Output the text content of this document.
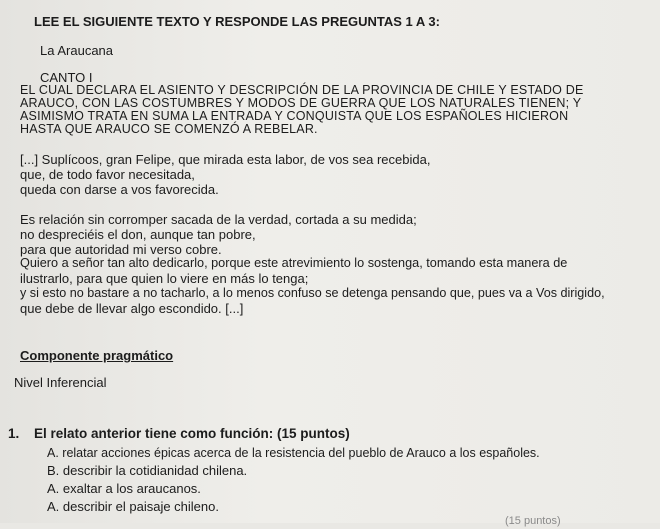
LEE EL SIGUIENTE TEXTO Y RESPONDE LAS PREGUNTAS 1 A 3:
La Araucana
CANTO I
EL CUAL DECLARA EL ASIENTO Y DESCRIPCIÓN DE LA PROVINCIA DE CHILE Y ESTADO DE
ARAUCO, CON LAS COSTUMBRES Y MODOS DE GUERRA QUE LOS NATURALES TIENEN; Y
ASIMISMO TRATA EN SUMA LA ENTRADA Y CONQUISTA QUE LOS ESPAÑOLES HICIERON
HASTA QUE ARAUCO SE COMENZÓ A REBELAR.
[...] Suplícoos, gran Felipe, que mirada esta labor, de vos sea recebida,
que, de todo favor necesitada,
queda con darse a vos favorecida.
Es relación sin corromper sacada de la verdad, cortada a su medida;
no despreciéis el don, aunque tan pobre,
para que autoridad mi verso cobre.
Quiero a señor tan alto dedicarlo, porque este atrevimiento lo sostenga, tomando esta manera de
ilustrarlo, para que quien lo viere en más lo tenga;
y si esto no bastare a no tacharlo, a lo menos confuso se detenga pensando que, pues va a Vos dirigido,
que debe de llevar algo escondido. [...]
Componente pragmático
Nivel Inferencial
1. El relato anterior tiene como función: (15 puntos)
A. relatar acciones épicas acerca de la resistencia del pueblo de Arauco a los españoles.
B. describir la cotidianidad chilena.
A. exaltar a los araucanos.
A. describir el paisaje chileno.
(15 puntos)
